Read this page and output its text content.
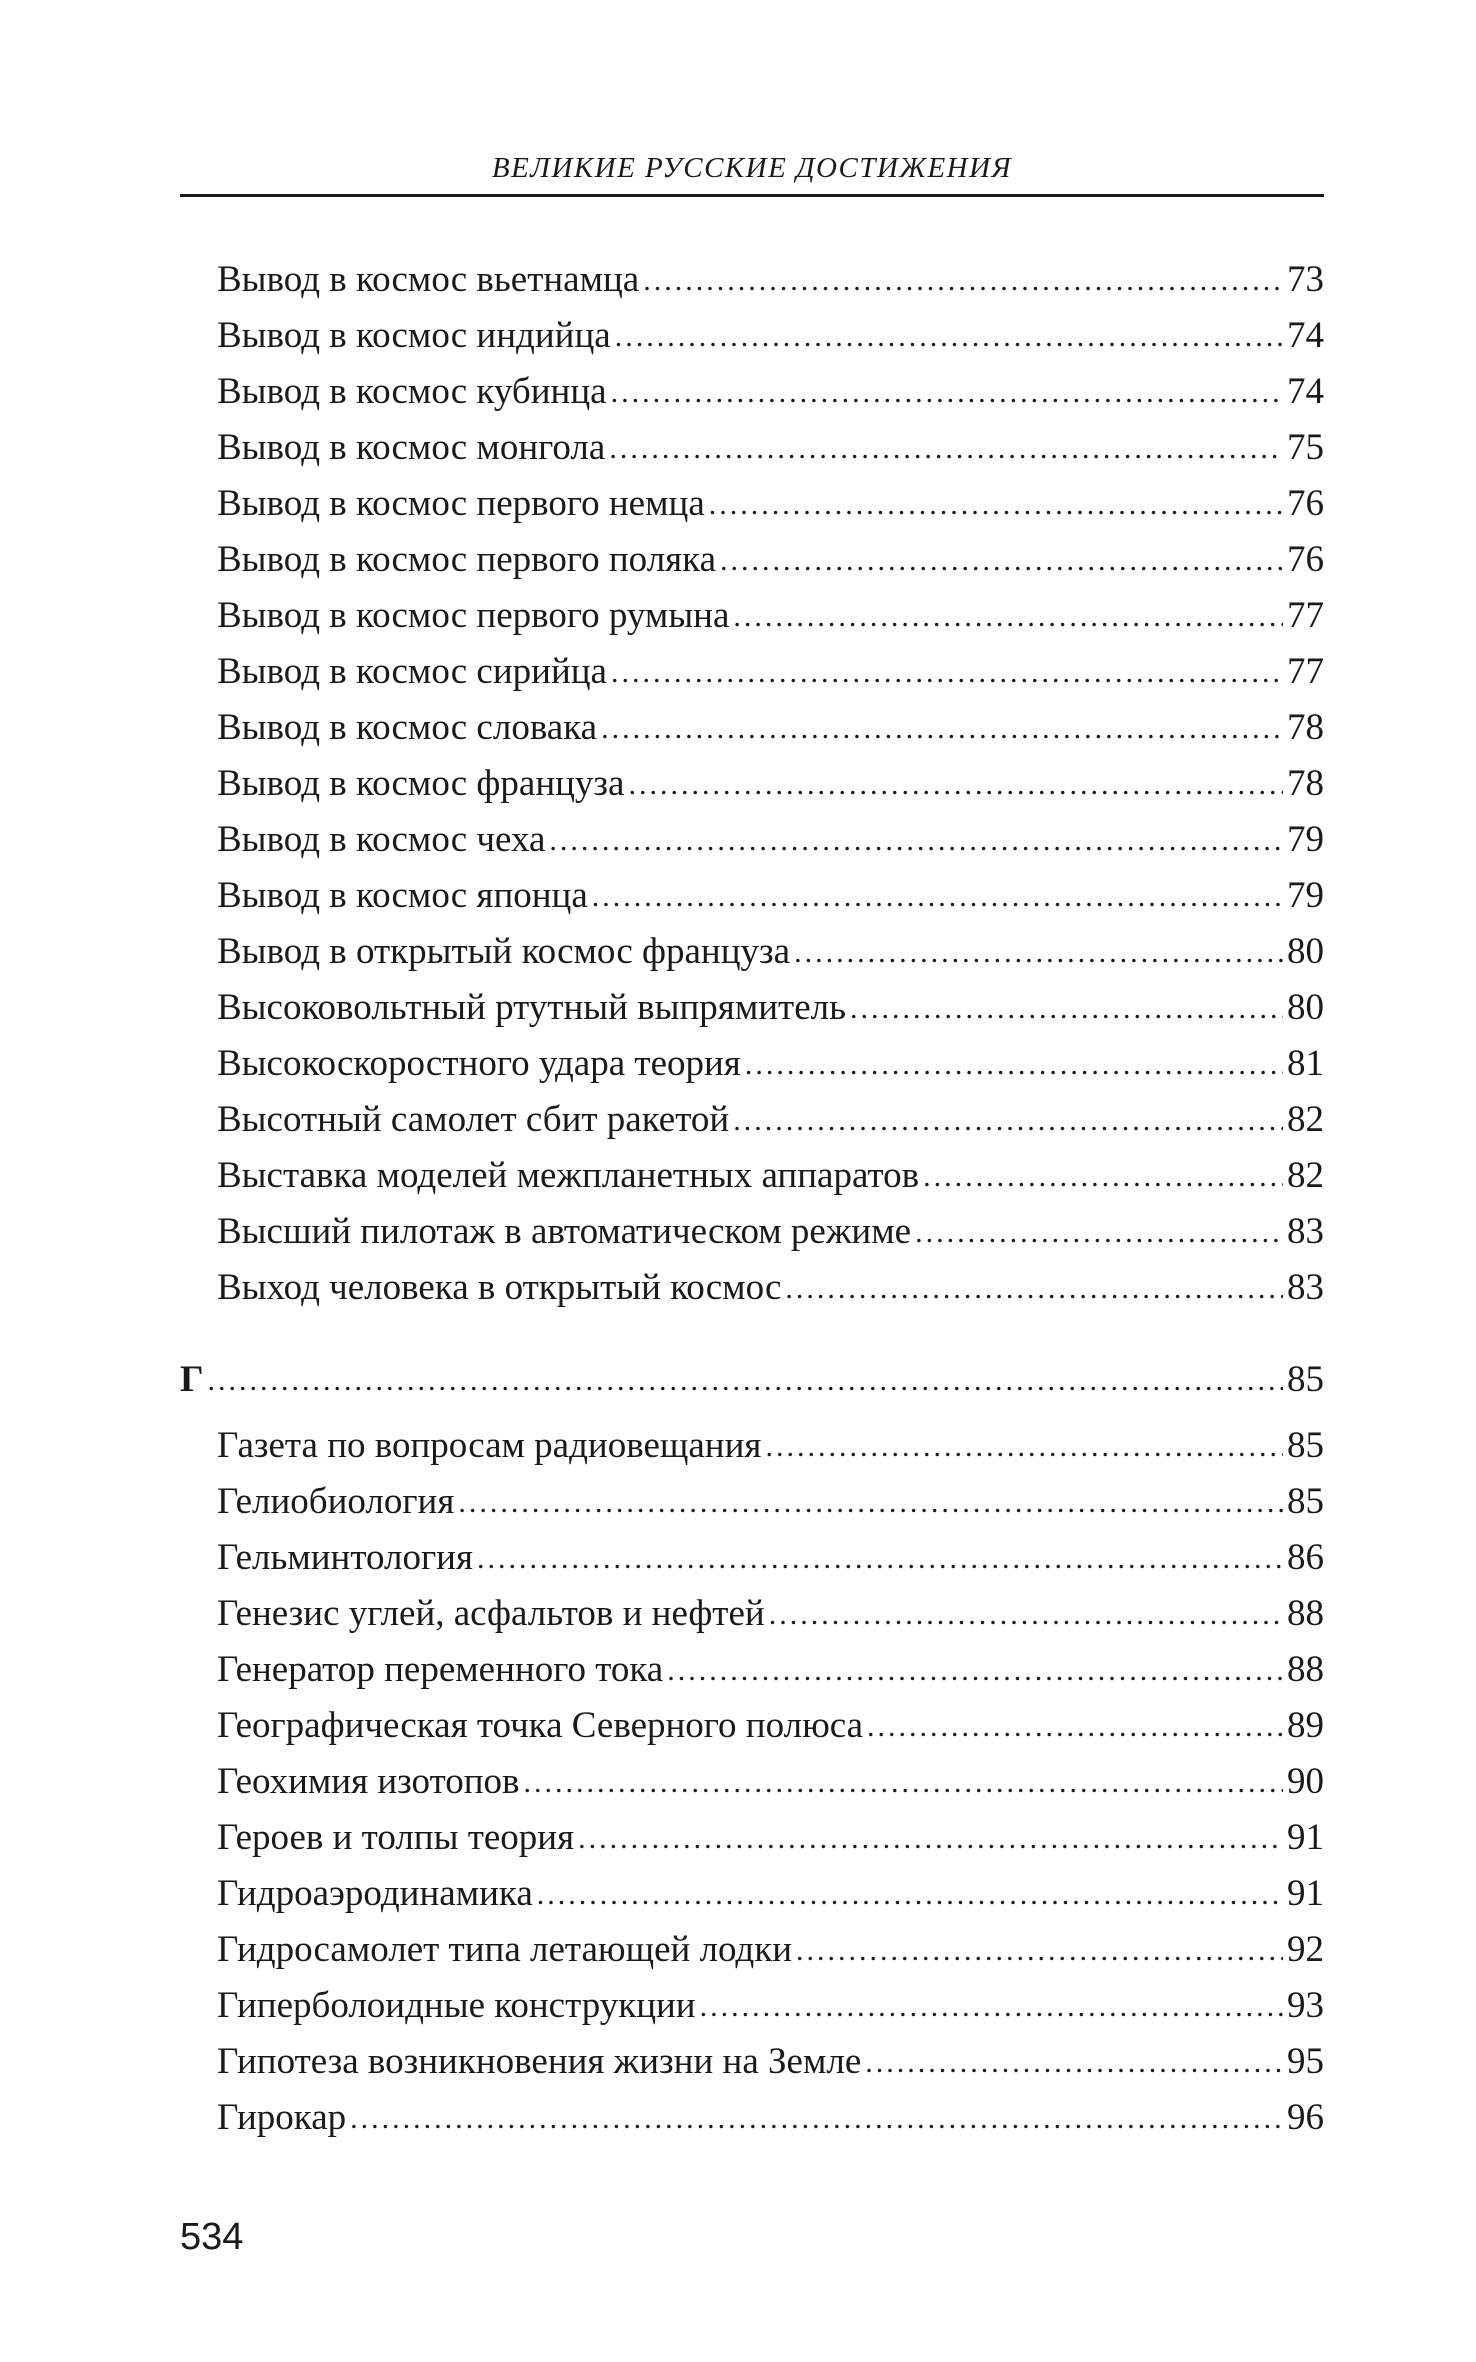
ВЕЛИКИЕ РУССКИЕ ДОСТИЖЕНИЯ
Вывод в космос вьетнамца .....	73
Вывод в космос индийца .....	74
Вывод в космос кубинца .....	74
Вывод в космос монгола .....	75
Вывод в космос первого немца .....	76
Вывод в космос первого поляка .....	76
Вывод в космос первого румына .....	77
Вывод в космос сирийца .....	77
Вывод в космос словака .....	78
Вывод в космос француза .....	78
Вывод в космос чеха .....	79
Вывод в космос японца .....	79
Вывод в открытый космос француза .....	80
Высоковольтный ртутный выпрямитель .....	80
Высокоскоростного удара теория .....	81
Высотный самолет сбит ракетой .....	82
Выставка моделей межпланетных аппаратов .....	82
Высший пилотаж в автоматическом режиме .....	83
Выход человека в открытый космос .....	83
Г .....	85
Газета по вопросам радиовещания .....	85
Гелиобиология .....	85
Гельминтология .....	86
Генезис углей, асфальтов и нефтей .....	88
Генератор переменного тока .....	88
Географическая точка Северного полюса .....	89
Геохимия изотопов .....	90
Героев и толпы теория .....	91
Гидроаэродинамика .....	91
Гидросамолет типа летающей лодки .....	92
Гиперболоидные конструкции .....	93
Гипотеза возникновения жизни на Земле .....	95
Гирокар .....	96
534
